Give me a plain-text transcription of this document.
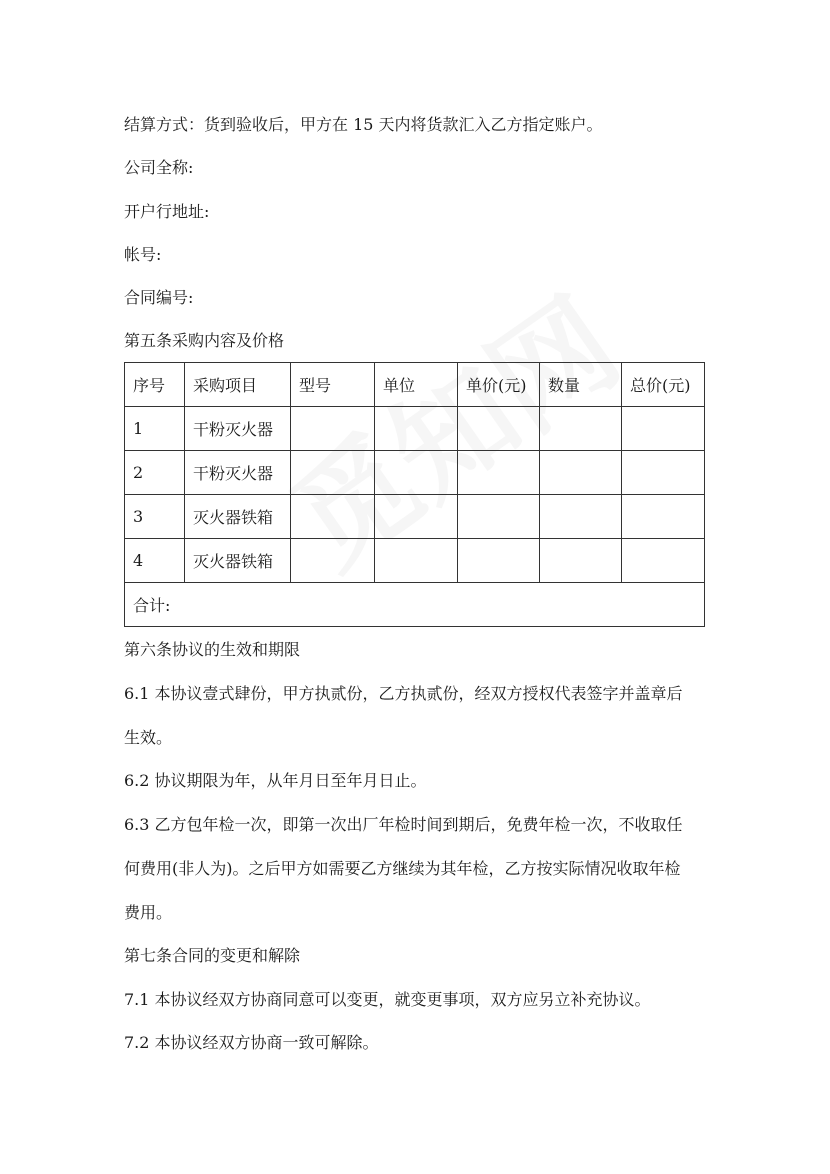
结算方式：货到验收后，甲方在 15 天内将货款汇入乙方指定账户。
公司全称:
开户行地址:
帐号:
合同编号:
第五条采购内容及价格
序号	采购项目	型号	单位	单价(元)	数量	总价(元)
1	干粉灭火器					
2	干粉灭火器					
3	灭火器铁箱					
4	灭火器铁箱					
合计:						
第六条协议的生效和期限
6.1 本协议壹式肆份，甲方执贰份，乙方执贰份，经双方授权代表签字并盖章后
生效。
6.2 协议期限为年，从年月日至年月日止。
6.3 乙方包年检一次，即第一次出厂年检时间到期后，免费年检一次，不收取任
何费用(非人为)。之后甲方如需要乙方继续为其年检，乙方按实际情况收取年检
费用。
第七条合同的变更和解除
7.1 本协议经双方协商同意可以变更，就变更事项，双方应另立补充协议。
7.2 本协议经双方协商一致可解除。
